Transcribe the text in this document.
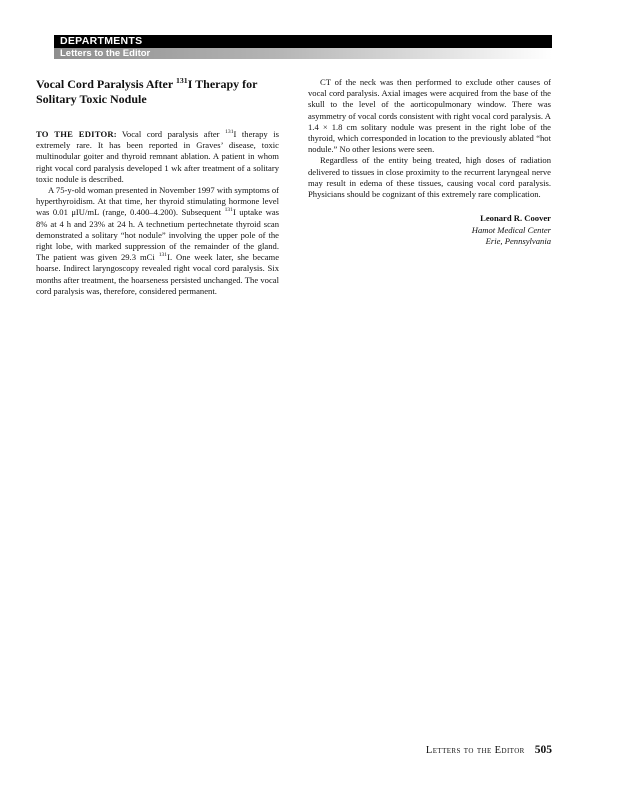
DEPARTMENTS
Letters to the Editor
Vocal Cord Paralysis After $^{131}$I Therapy for Solitary Toxic Nodule

TO THE EDITOR: Vocal cord paralysis after $^{131}$I therapy is extremely rare. It has been reported in Graves’ disease, toxic multinodular goiter and thyroid remnant ablation. A patient in whom right vocal cord paralysis developed 1 wk after treatment of a solitary toxic nodule is described.

A 75-y-old woman presented in November 1997 with symptoms of hyperthyroidism. At that time, her thyroid stimulating hormone level was 0.01 μIU/mL (range, 0.400–4.200). Subsequent $^{131}$I uptake was 8% at 4 h and 23% at 24 h. A technetium pertechnetate thyroid scan demonstrated a solitary “hot nodule” involving the upper pole of the right lobe, with marked suppression of the remainder of the gland. The patient was given 29.3 mCi $^{131}$I. One week later, she became hoarse. Indirect laryngoscopy revealed right vocal cord paralysis. Six months after treatment, the hoarseness persisted unchanged. The vocal cord paralysis was, therefore, considered permanent.

CT of the neck was then performed to exclude other causes of vocal cord paralysis. Axial images were acquired from the base of the skull to the level of the aorticopulmonary window. There was asymmetry of vocal cords consistent with right vocal cord paralysis. A 1.4 × 1.8 cm solitary nodule was present in the right lobe of the thyroid, which corresponded in location to the previously ablated “hot nodule.” No other lesions were seen.

Regardless of the entity being treated, high doses of radiation delivered to tissues in close proximity to the recurrent laryngeal nerve may result in edema of these tissues, causing vocal cord paralysis. Physicians should be cognizant of this extremely rare complication.

Leonard R. Coover
Hamot Medical Center
Erie, Pennsylvania
Letters to the Editor 505
